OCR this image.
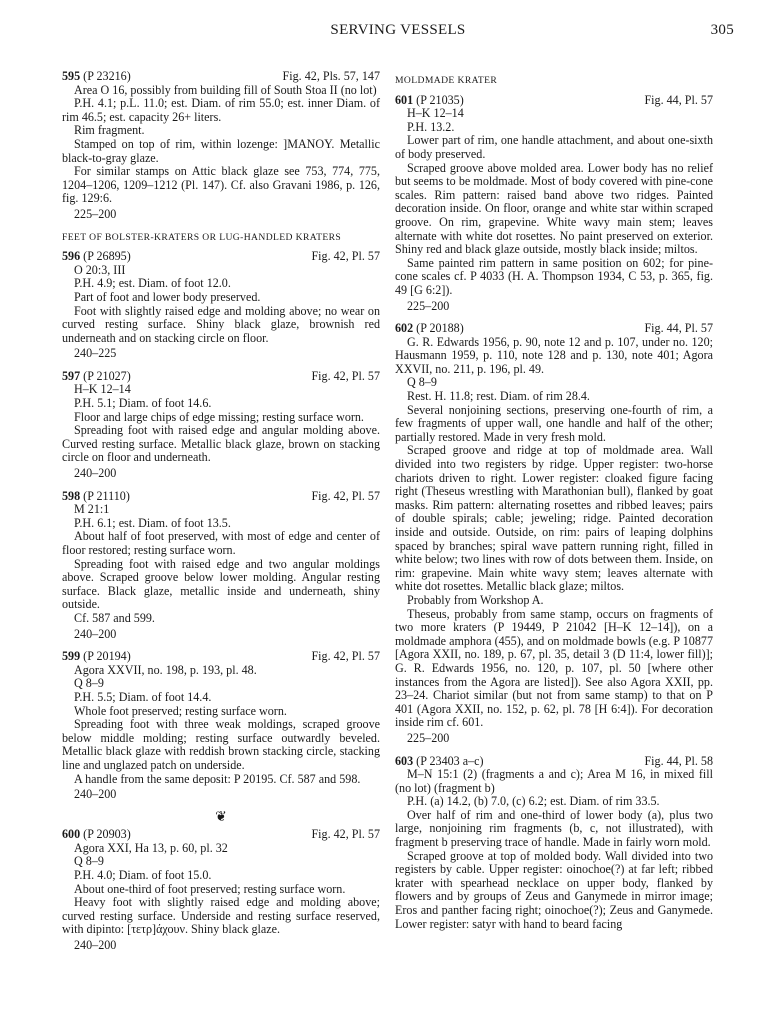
SERVING VESSELS	305
595 (P 23216)	Fig. 42, Pls. 57, 147

Area O 16, possibly from building fill of South Stoa II (no lot)

P.H. 4.1; p.L. 11.0; est. Diam. of rim 55.0; est. inner Diam. of rim 46.5; est. capacity 26+ liters.

Rim fragment.

Stamped on top of rim, within lozenge: ]MANOY. Metallic black-to-gray glaze.

For similar stamps on Attic black glaze see 753, 774, 775, 1204–1206, 1209–1212 (Pl. 147). Cf. also Gravani 1986, p. 126, fig. 129:6.

225–200
FEET OF BOLSTER-KRATERS OR LUG-HANDLED KRATERS
596 (P 26895)	Fig. 42, Pl. 57

O 20:3, III

P.H. 4.9; est. Diam. of foot 12.0.

Part of foot and lower body preserved.

Foot with slightly raised edge and molding above; no wear on curved resting surface. Shiny black glaze, brownish red underneath and on stacking circle on floor.

240–225
597 (P 21027)	Fig. 42, Pl. 57

H–K 12–14

P.H. 5.1; Diam. of foot 14.6.

Floor and large chips of edge missing; resting surface worn.

Spreading foot with raised edge and angular molding above. Curved resting surface. Metallic black glaze, brown on stacking circle on floor and underneath.

240–200
598 (P 21110)	Fig. 42, Pl. 57

M 21:1

P.H. 6.1; est. Diam. of foot 13.5.

About half of foot preserved, with most of edge and center of floor restored; resting surface worn.

Spreading foot with raised edge and two angular moldings above. Scraped groove below lower molding. Angular resting surface. Black glaze, metallic inside and underneath, shiny outside.

Cf. 587 and 599.

240–200
599 (P 20194)	Fig. 42, Pl. 57

Agora XXVII, no. 198, p. 193, pl. 48.

Q 8–9

P.H. 5.5; Diam. of foot 14.4.

Whole foot preserved; resting surface worn.

Spreading foot with three weak moldings, scraped groove below middle molding; resting surface outwardly beveled. Metallic black glaze with reddish brown stacking circle, stacking line and unglazed patch on underside.

A handle from the same deposit: P 20195. Cf. 587 and 598.

240–200
❦
600 (P 20903)	Fig. 42, Pl. 57

Agora XXI, Ha 13, p. 60, pl. 32

Q 8–9

P.H. 4.0; Diam. of foot 15.0.

About one-third of foot preserved; resting surface worn.

Heavy foot with slightly raised edge and molding above; curved resting surface. Underside and resting surface reserved, with dipinto: [τετρ]άχουν. Shiny black glaze.

240–200
MOLDMADE KRATER
601 (P 21035)	Fig. 44, Pl. 57

H–K 12–14

P.H. 13.2.

Lower part of rim, one handle attachment, and about one-sixth of body preserved.

Scraped groove above molded area. Lower body has no relief but seems to be moldmade. Most of body covered with pine-cone scales. Rim pattern: raised band above two ridges. Painted decoration inside. On floor, orange and white star within scraped groove. On rim, grapevine. White wavy main stem; leaves alternate with white dot rosettes. No paint preserved on exterior. Shiny red and black glaze outside, mostly black inside; miltos.

Same painted rim pattern in same position on 602; for pine-cone scales cf. P 4033 (H. A. Thompson 1934, C 53, p. 365, fig. 49 [G 6:2]).

225–200
602 (P 20188)	Fig. 44, Pl. 57

G. R. Edwards 1956, p. 90, note 12 and p. 107, under no. 120; Hausmann 1959, p. 110, note 128 and p. 130, note 401; Agora XXVII, no. 211, p. 196, pl. 49.

Q 8–9

Rest. H. 11.8; rest. Diam. of rim 28.4.

Several nonjoining sections, preserving one-fourth of rim, a few fragments of upper wall, one handle and half of the other; partially restored. Made in very fresh mold.

Scraped groove and ridge at top of moldmade area. Wall divided into two registers by ridge. Upper register: two-horse chariots driven to right. Lower register: cloaked figure facing right (Theseus wrestling with Marathonian bull), flanked by goat masks. Rim pattern: alternating rosettes and ribbed leaves; pairs of double spirals; cable; jeweling; ridge. Painted decoration inside and outside. Outside, on rim: pairs of leaping dolphins spaced by branches; spiral wave pattern running right, filled in white below; two lines with row of dots between them. Inside, on rim: grapevine. Main white wavy stem; leaves alternate with white dot rosettes. Metallic black glaze; miltos.

Probably from Workshop A.

Theseus, probably from same stamp, occurs on fragments of two more kraters (P 19449, P 21042 [H–K 12–14]), on a moldmade amphora (455), and on moldmade bowls (e.g. P 10877 [Agora XXII, no. 189, p. 67, pl. 35, detail 3 (D 11:4, lower fill)]; G. R. Edwards 1956, no. 120, p. 107, pl. 50 [where other instances from the Agora are listed]). See also Agora XXII, pp. 23–24. Chariot similar (but not from same stamp) to that on P 401 (Agora XXII, no. 152, p. 62, pl. 78 [H 6:4]). For decoration inside rim cf. 601.

225–200
603 (P 23403 a–c)	Fig. 44, Pl. 58

M–N 15:1 (2) (fragments a and c); Area M 16, in mixed fill (no lot) (fragment b)

P.H. (a) 14.2, (b) 7.0, (c) 6.2; est. Diam. of rim 33.5.

Over half of rim and one-third of lower body (a), plus two large, nonjoining rim fragments (b, c, not illustrated), with fragment b preserving trace of handle. Made in fairly worn mold.

Scraped groove at top of molded body. Wall divided into two registers by cable. Upper register: oinochoe(?) at far left; ribbed krater with spearhead necklace on upper body, flanked by flowers and by groups of Zeus and Ganymede in mirror image; Eros and panther facing right; oinochoe(?); Zeus and Ganymede. Lower register: satyr with hand to beard facing
